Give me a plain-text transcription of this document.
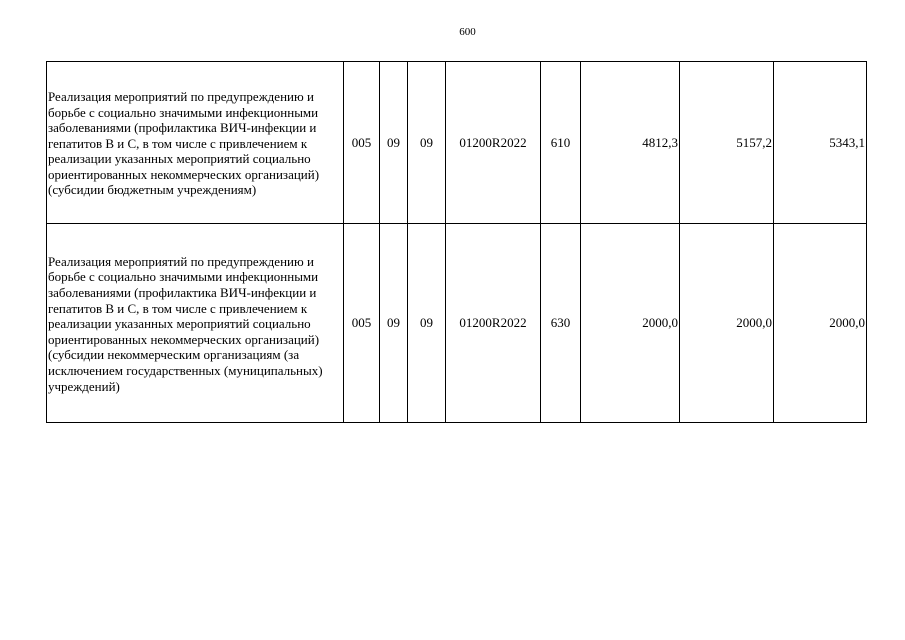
600
Реализация мероприятий по предупреждению и борьбе с социально значимыми инфекционными заболеваниями (профилактика ВИЧ-инфекции и гепатитов В и С, в том числе с привлечением к реализации указанных мероприятий социально ориентированных некоммерческих организаций) (субсидии бюджетным учреждениям)	005	09	09	01200R2022	610	4812,3	5157,2	5343,1
Реализация мероприятий по предупреждению и борьбе с социально значимыми инфекционными заболеваниями (профилактика ВИЧ-инфекции и гепатитов В и С, в том числе с привлечением к реализации указанных мероприятий социально ориентированных некоммерческих организаций) (субсидии некоммерческим организациям (за исключением государственных (муниципальных) учреждений)	005	09	09	01200R2022	630	2000,0	2000,0	2000,0
